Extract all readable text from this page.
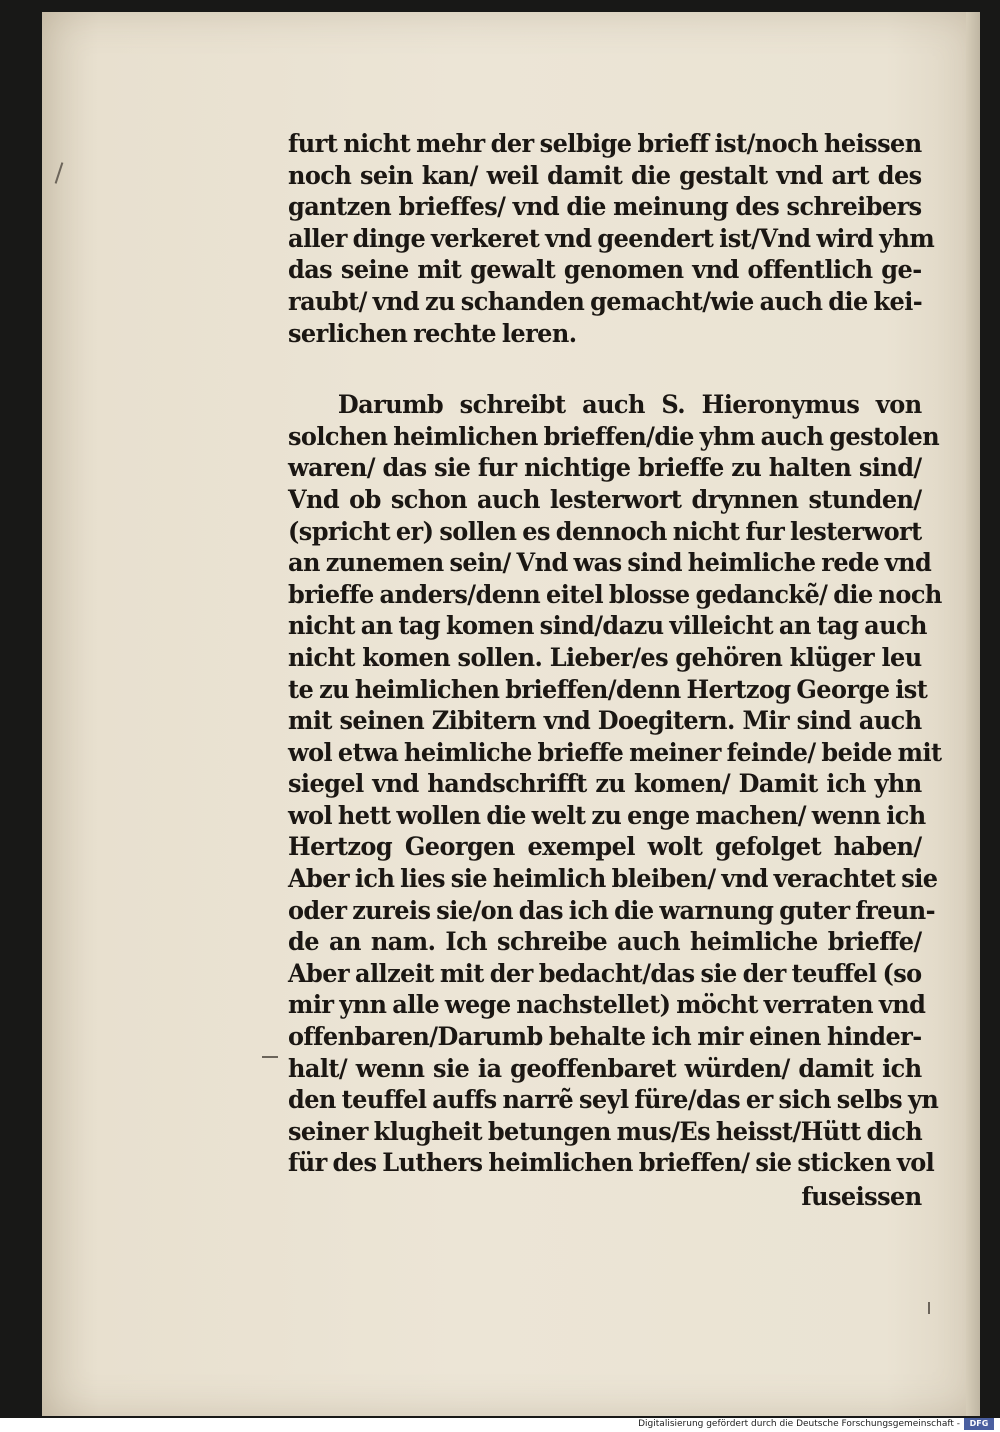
furt nicht mehr der selbige brieff ist/noch heissen
noch sein kan/ weil damit die gestalt vnd art des
gantzen brieffes/ vnd die meinung des schreibers
aller dinge verkeret vnd geendert ist/Vnd wird yhm
das seine mit gewalt genomen vnd offentlich ge-
raubt/ vnd zu schanden gemacht/wie auch die kei-
serlichen rechte leren.
Darumb schreibt auch S. Hieronymus von
solchen heimlichen brieffen/die yhm auch gestolen
waren/ das sie fur nichtige brieffe zu halten sind/
Vnd ob schon auch lesterwort drynnen stunden/
(spricht er) sollen es dennoch nicht fur lesterwort
an zunemen sein/ Vnd was sind heimliche rede vnd
brieffe anders/denn eitel blosse gedanckẽ/ die noch
nicht an tag komen sind/dazu villeicht an tag auch
nicht komen sollen. Lieber/es gehören klüger leu
te zu heimlichen brieffen/denn Hertzog George ist
mit seinen Zibitern vnd Doegitern. Mir sind auch
wol etwa heimliche brieffe meiner feinde/ beide mit
siegel vnd handschrifft zu komen/ Damit ich yhn
wol hett wollen die welt zu enge machen/ wenn ich
Hertzog Georgen exempel wolt gefolget haben/
Aber ich lies sie heimlich bleiben/ vnd verachtet sie
oder zureis sie/on das ich die warnung guter freun-
de an nam. Ich schreibe auch heimliche brieffe/
Aber allzeit mit der bedacht/das sie der teuffel (so
mir ynn alle wege nachstellet) möcht verraten vnd
offenbaren/Darumb behalte ich mir einen hinder-
halt/ wenn sie ia geoffenbaret würden/ damit ich
den teuffel auffs narrẽ seyl füre/das er sich selbs yn
seiner klugheit betungen mus/Es heisst/Hütt dich
für des Luthers heimlichen brieffen/ sie sticken vol
fuseissen
Digitalisierung gefördert durch die Deutsche Forschungsgemeinschaft -	DFG
